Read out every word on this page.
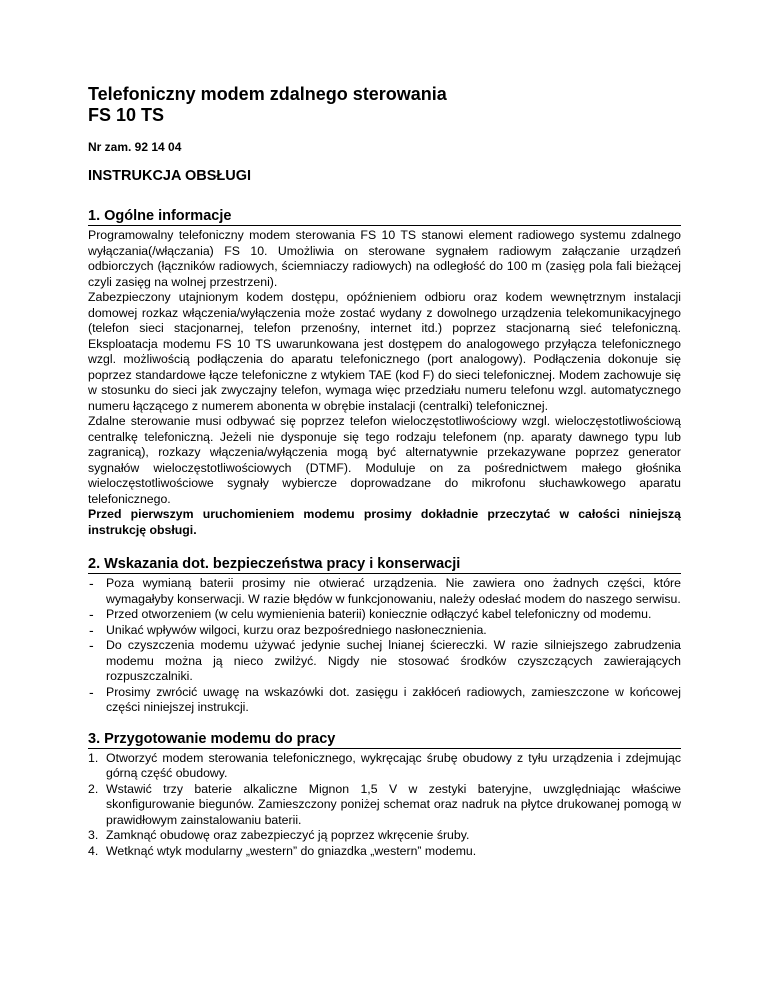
Telefoniczny modem zdalnego sterowania
FS 10 TS
Nr zam. 92 14 04
INSTRUKCJA OBSŁUGI
1. Ogólne informacje

Programowalny telefoniczny modem sterowania FS 10 TS stanowi element radiowego systemu zdalnego wyłączania(/włączania) FS 10. Umożliwia on sterowane sygnałem radiowym załączanie urządzeń odbiorczych (łączników radiowych, ściemniaczy radiowych) na odległość do 100 m (zasięg pola fali bieżącej czyli zasięg na wolnej przestrzeni).

Zabezpieczony utajnionym kodem dostępu, opóźnieniem odbioru oraz kodem wewnętrznym instalacji domowej rozkaz włączenia/wyłączenia może zostać wydany z dowolnego urządzenia telekomunikacyjnego (telefon sieci stacjonarnej, telefon przenośny, internet itd.) poprzez stacjonarną sieć telefoniczną. Eksploatacja modemu FS 10 TS uwarunkowana jest dostępem do analogowego przyłącza telefonicznego wzgl. możliwością podłączenia do aparatu telefonicznego (port analogowy). Podłączenia dokonuje się poprzez standardowe łącze telefoniczne z wtykiem TAE (kod F) do sieci telefonicznej. Modem zachowuje się w stosunku do sieci jak zwyczajny telefon, wymaga więc przedziału numeru telefonu wzgl. automatycznego numeru łączącego z numerem abonenta w obrębie instalacji (centralki) telefonicznej.

Zdalne sterowanie musi odbywać się poprzez telefon wieloczęstotliwościowy wzgl. wieloczęstotliwościową centralkę telefoniczną. Jeżeli nie dysponuje się tego rodzaju telefonem (np. aparaty dawnego typu lub zagranicą), rozkazy włączenia/wyłączenia mogą być alternatywnie przekazywane poprzez generator sygnałów wieloczęstotliwościowych (DTMF). Moduluje on za pośrednictwem małego głośnika wieloczęstotliwościowe sygnały wybiercze doprowadzane do mikrofonu słuchawkowego aparatu telefonicznego.

Przed pierwszym uruchomieniem modemu prosimy dokładnie przeczytać w całości niniejszą instrukcję obsługi.

2. Wskazania dot. bezpieczeństwa pracy i konserwacji
- Poza wymianą baterii prosimy nie otwierać urządzenia. Nie zawiera ono żadnych części, które wymagałyby konserwacji. W razie błędów w funkcjonowaniu, należy odesłać modem do naszego serwisu.
- Przed otworzeniem (w celu wymienienia baterii) koniecznie odłączyć kabel telefoniczny od modemu.
- Unikać wpływów wilgoci, kurzu oraz bezpośredniego nasłonecznienia.
- Do czyszczenia modemu używać jedynie suchej lnianej ściereczki. W razie silniejszego zabrudzenia modemu można ją nieco zwilżyć. Nigdy nie stosować środków czyszczących zawierających rozpuszczalniki.
- Prosimy zwrócić uwagę na wskazówki dot. zasięgu i zakłóceń radiowych, zamieszczone w końcowej części niniejszej instrukcji.
3. Przygotowanie modemu do pracy
1. Otworzyć modem sterowania telefonicznego, wykręcając śrubę obudowy z tyłu urządzenia i zdejmując górną część obudowy.
2. Wstawić trzy baterie alkaliczne Mignon 1,5 V w zestyki bateryjne, uwzględniając właściwe skonfigurowanie biegunów. Zamieszczony poniżej schemat oraz nadruk na płytce drukowanej pomogą w prawidłowym zainstalowaniu baterii.
3. Zamknąć obudowę oraz zabezpieczyć ją poprzez wkręcenie śruby.
4. Wetknąć wtyk modularny „western” do gniazdka „western” modemu.
